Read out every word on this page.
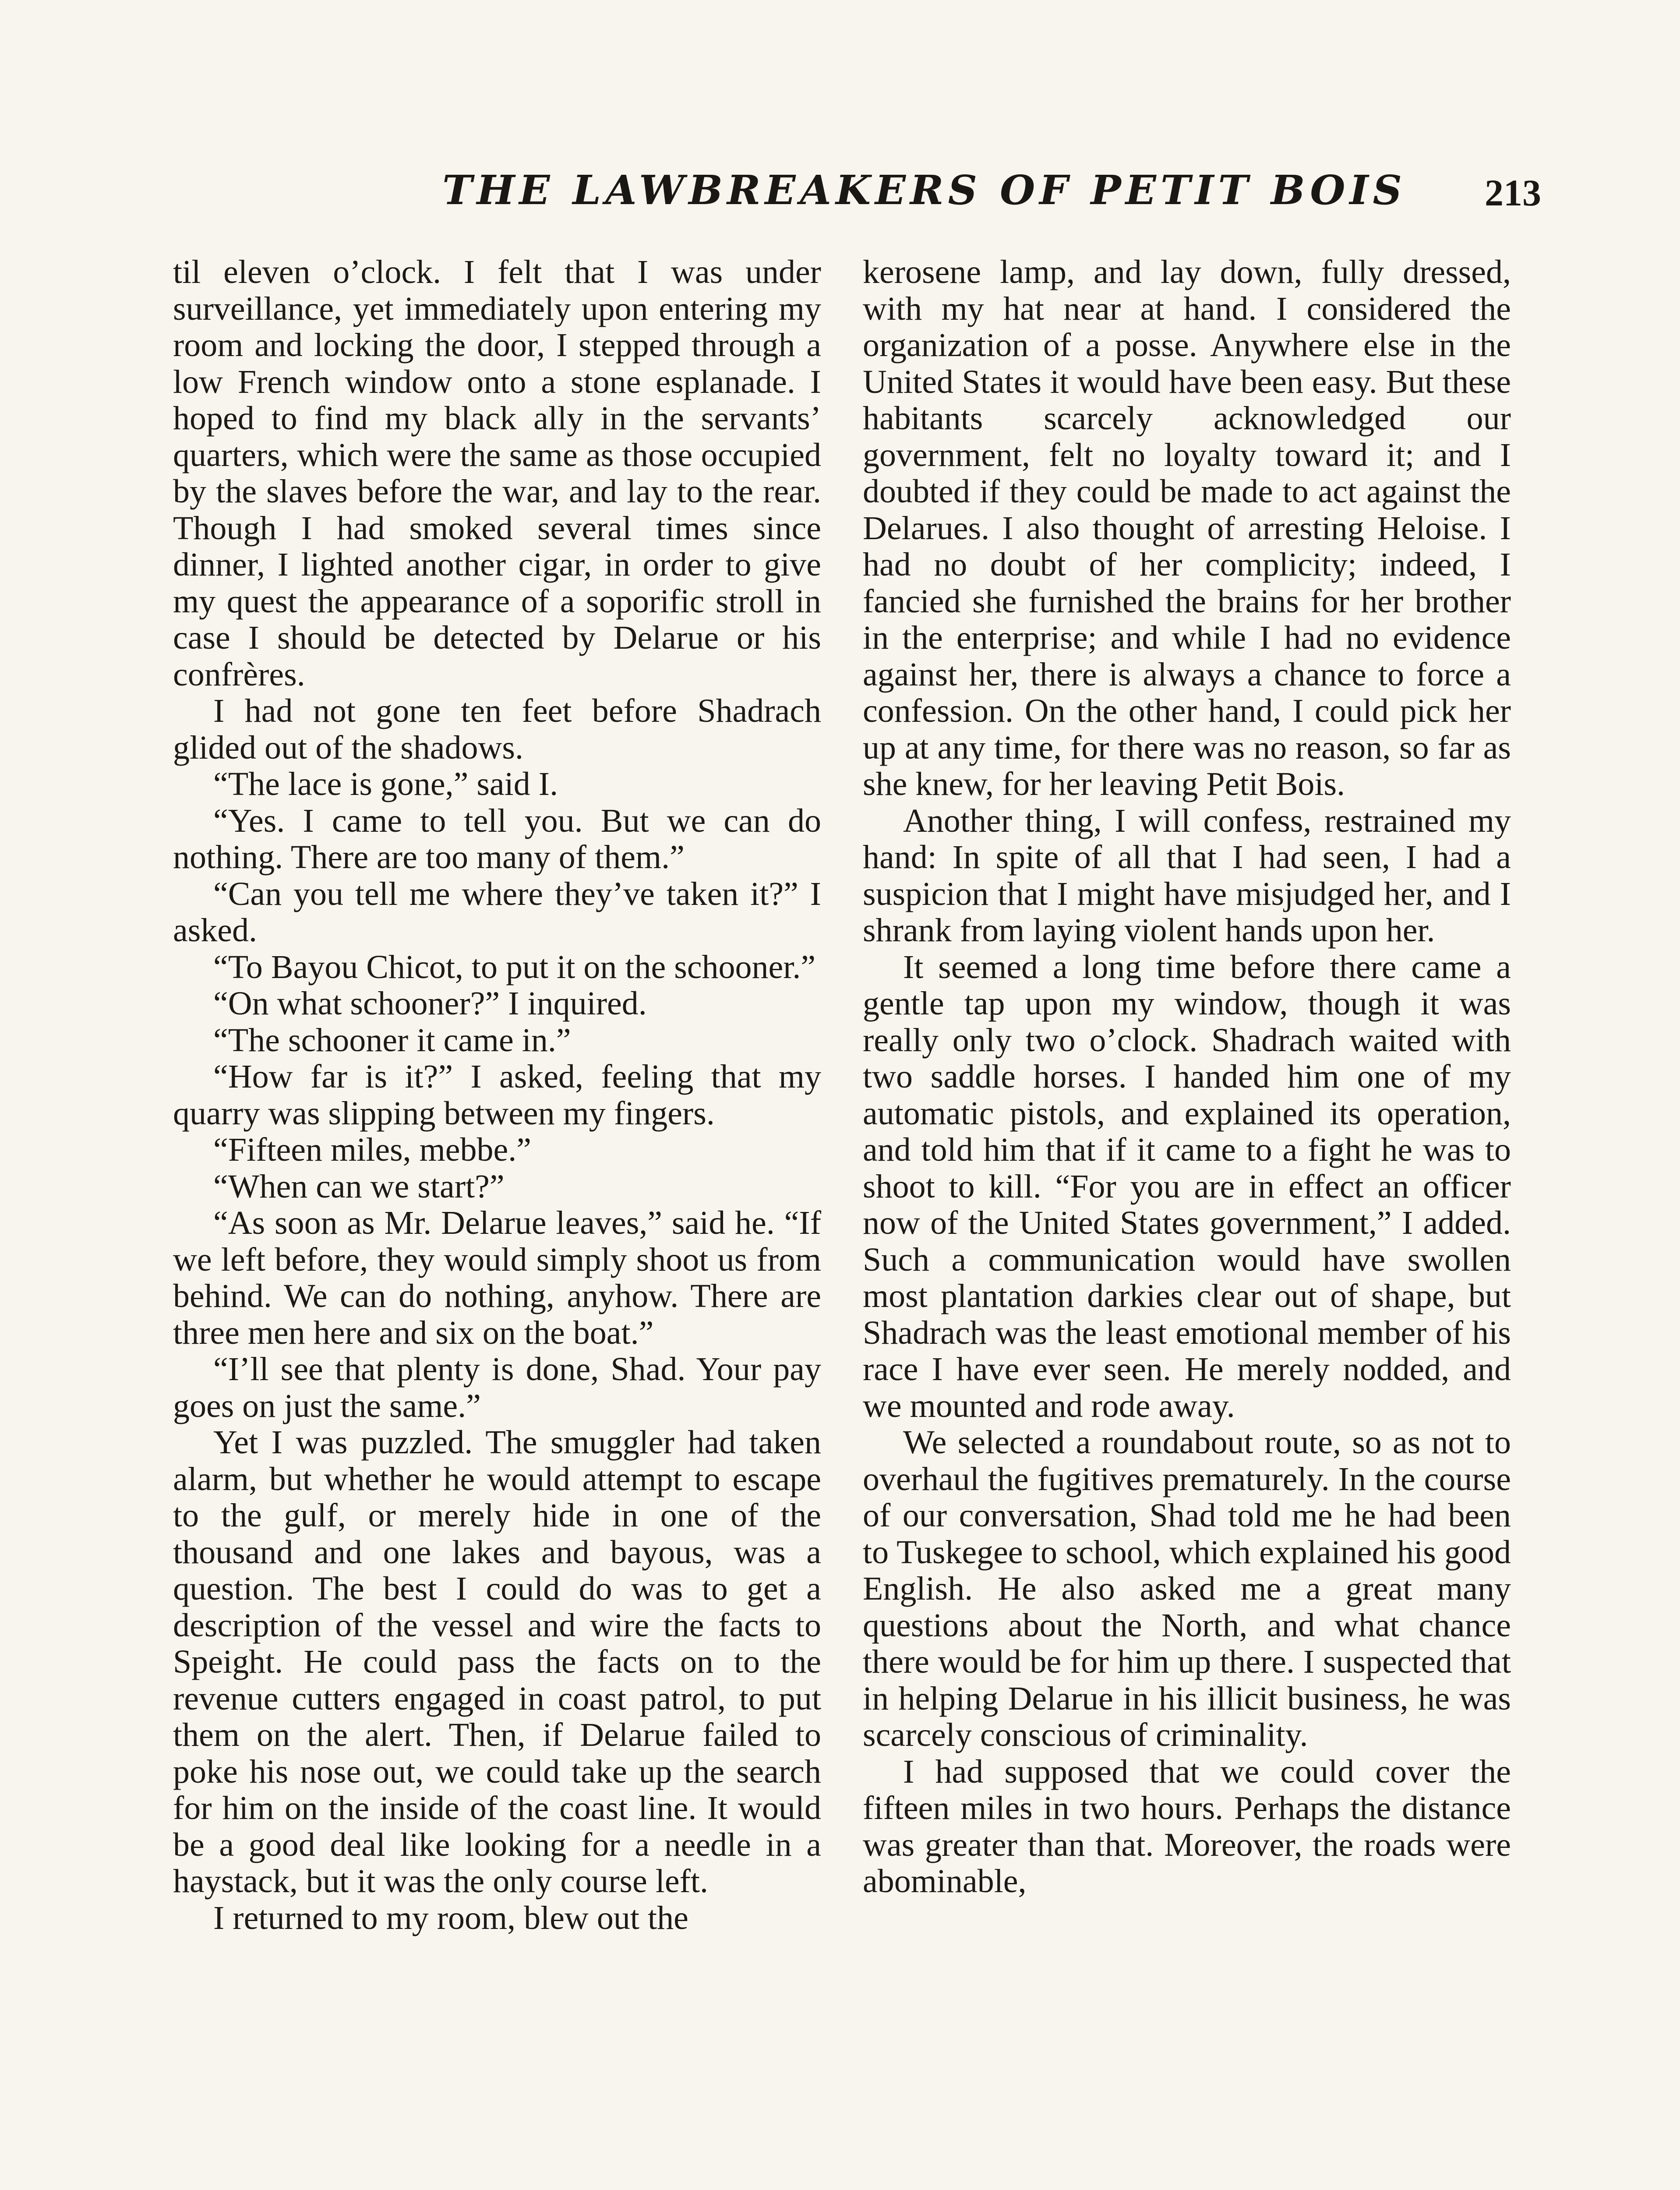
THE LAWBREAKERS OF PETIT BOIS 213

til eleven o’clock. I felt that I was under surveillance, yet immediately upon entering my room and locking the door, I stepped through a low French window onto a stone esplanade. I hoped to find my black ally in the servants’ quarters, which were the same as those occupied by the slaves before the war, and lay to the rear. Though I had smoked several times since dinner, I lighted another cigar, in order to give my quest the appearance of a soporific stroll in case I should be detected by Delarue or his confrères.

I had not gone ten feet before Shadrach glided out of the shadows.

“The lace is gone,” said I.

“Yes. I came to tell you. But we can do nothing. There are too many of them.”

“Can you tell me where they’ve taken it?” I asked.

“To Bayou Chicot, to put it on the schooner.”

“On what schooner?” I inquired.

“The schooner it came in.”

“How far is it?” I asked, feeling that my quarry was slipping between my fingers.

“Fifteen miles, mebbe.”

“When can we start?”

“As soon as Mr. Delarue leaves,” said he. “If we left before, they would simply shoot us from behind. We can do nothing, anyhow. There are three men here and six on the boat.”

“I’ll see that plenty is done, Shad. Your pay goes on just the same.”

Yet I was puzzled. The smuggler had taken alarm, but whether he would attempt to escape to the gulf, or merely hide in one of the thousand and one lakes and bayous, was a question. The best I could do was to get a description of the vessel and wire the facts to Speight. He could pass the facts on to the revenue cutters engaged in coast patrol, to put them on the alert. Then, if Delarue failed to poke his nose out, we could take up the search for him on the inside of the coast line. It would be a good deal like looking for a needle in a haystack, but it was the only course left.

I returned to my room, blew out the

kerosene lamp, and lay down, fully dressed, with my hat near at hand. I considered the organization of a posse. Anywhere else in the United States it would have been easy. But these habitants scarcely acknowledged our government, felt no loyalty toward it; and I doubted if they could be made to act against the Delarues. I also thought of arresting Heloise. I had no doubt of her complicity; indeed, I fancied she furnished the brains for her brother in the enterprise; and while I had no evidence against her, there is always a chance to force a confession. On the other hand, I could pick her up at any time, for there was no reason, so far as she knew, for her leaving Petit Bois.

Another thing, I will confess, restrained my hand: In spite of all that I had seen, I had a suspicion that I might have misjudged her, and I shrank from laying violent hands upon her.

It seemed a long time before there came a gentle tap upon my window, though it was really only two o’clock. Shadrach waited with two saddle horses. I handed him one of my automatic pistols, and explained its operation, and told him that if it came to a fight he was to shoot to kill. “For you are in effect an officer now of the United States government,” I added. Such a communication would have swollen most plantation darkies clear out of shape, but Shadrach was the least emotional member of his race I have ever seen. He merely nodded, and we mounted and rode away.

We selected a roundabout route, so as not to overhaul the fugitives prematurely. In the course of our conversation, Shad told me he had been to Tuskegee to school, which explained his good English. He also asked me a great many questions about the North, and what chance there would be for him up there. I suspected that in helping Delarue in his illicit business, he was scarcely conscious of criminality.

I had supposed that we could cover the fifteen miles in two hours. Perhaps the distance was greater than that. Moreover, the roads were abominable,
